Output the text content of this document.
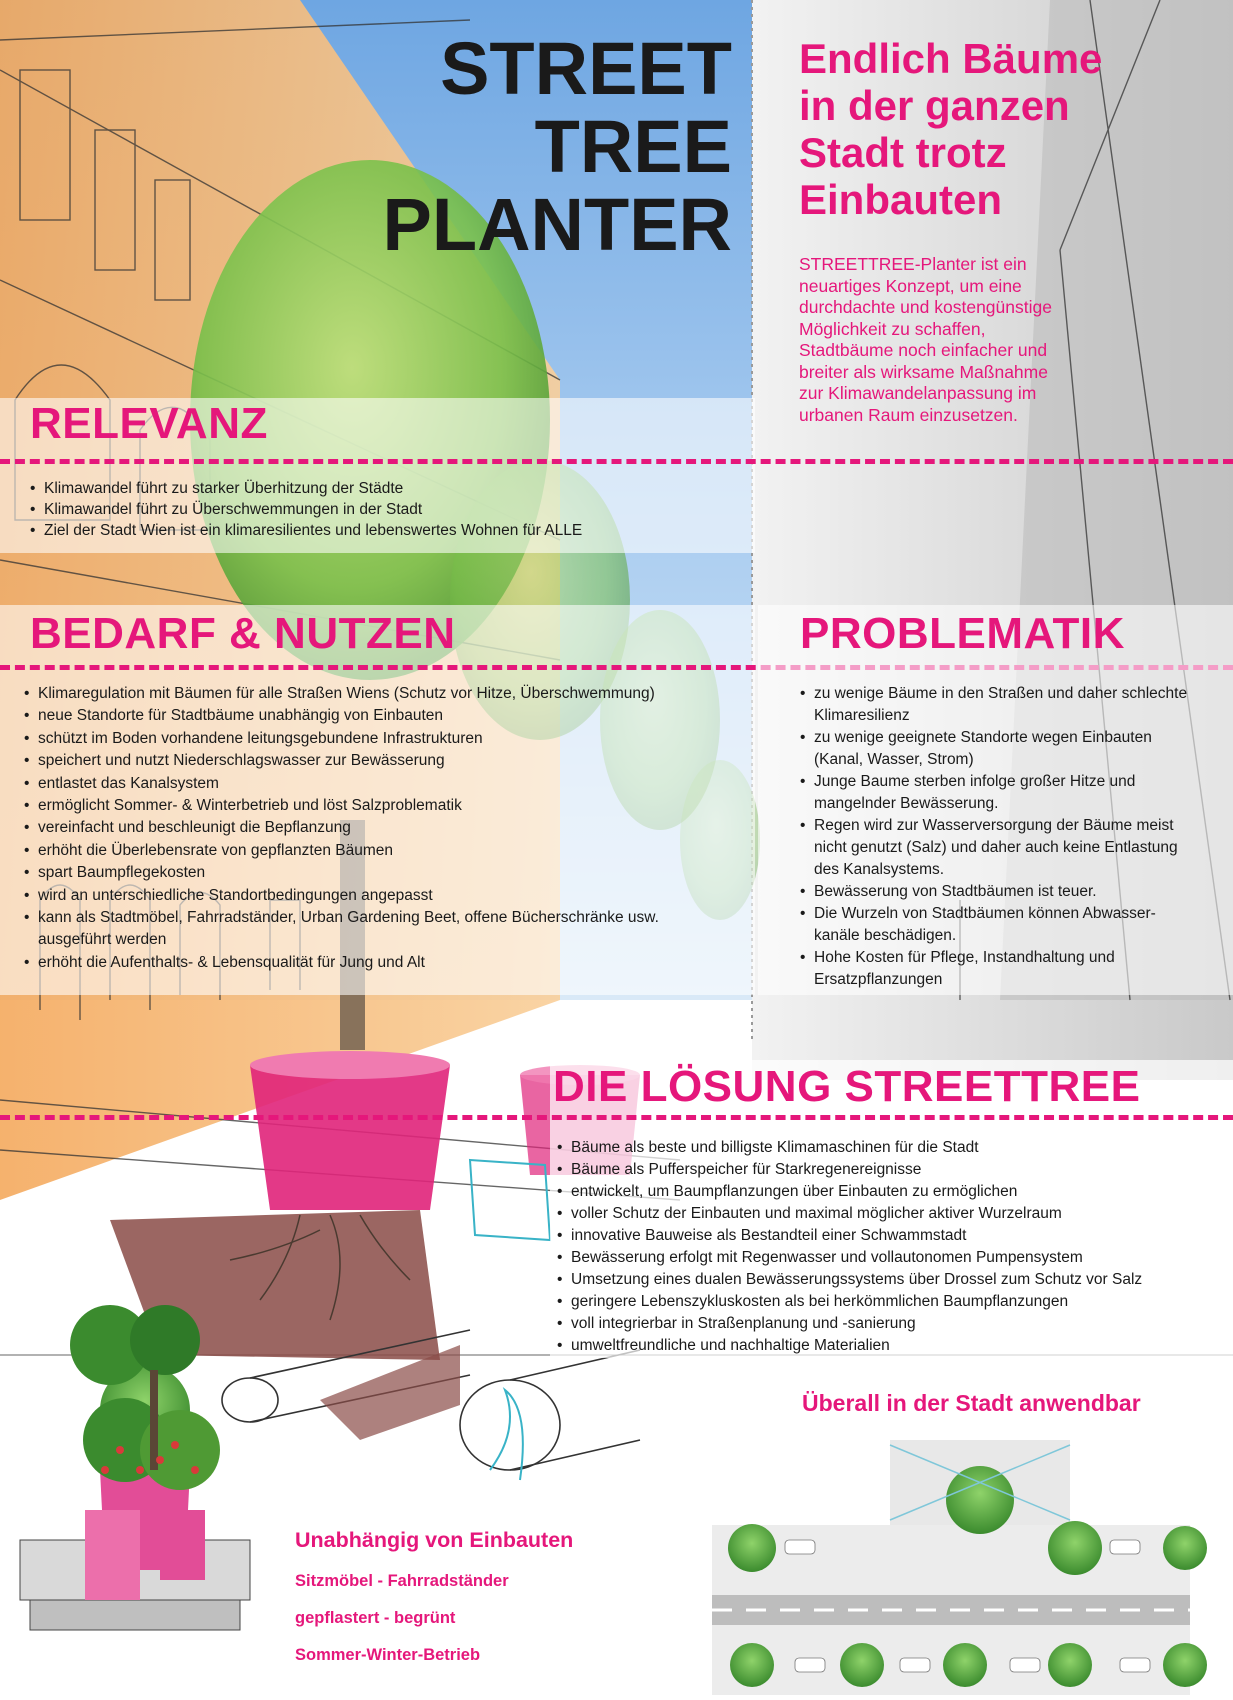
STREET
TREE
PLANTER
Endlich Bäume
in der ganzen
Stadt trotz
Einbauten
STREETTREE-Planter ist ein
neuartiges Konzept, um eine
durchdachte und kostengünstige
Möglichkeit zu schaffen,
Stadtbäume noch einfacher und
breiter als wirksame Maßnahme
zur Klimawandelanpassung im
urbanen Raum einzusetzen.
RELEVANZ
• Klimawandel führt zu starker Überhitzung der Städte
• Klimawandel führt zu Überschwemmungen in der Stadt
• Ziel der Stadt Wien ist ein klimaresilientes und lebenswertes Wohnen für ALLE
BEDARF & NUTZEN
• Klimaregulation mit Bäumen für alle Straßen Wiens (Schutz vor Hitze, Überschwemmung)
• neue Standorte für Stadtbäume unabhängig von Einbauten
• schützt im Boden vorhandene leitungsgebundene Infrastrukturen
• speichert und nutzt Niederschlagswasser zur Bewässerung
• entlastet das Kanalsystem
• ermöglicht Sommer- & Winterbetrieb und löst Salzproblematik
• vereinfacht und beschleunigt die Bepflanzung
• erhöht die Überlebensrate von gepflanzten Bäumen
• spart Baumpflegekosten
• wird an unterschiedliche Standortbedingungen angepasst
• kann als Stadtmöbel, Fahrradständer, Urban Gardening Beet, offene Bücherschränke usw. ausgeführt werden
• erhöht die Aufenthalts- & Lebensqualität für Jung und Alt
PROBLEMATIK
• zu wenige Bäume in den Straßen und daher schlechte Klimaresilienz
• zu wenige geeignete Standorte wegen Einbauten (Kanal, Wasser, Strom)
• Junge Baume sterben infolge großer Hitze und mangelnder Bewässerung.
• Regen wird zur Wasserversorgung der Bäume meist nicht genutzt (Salz) und daher auch keine Entlastung des Kanalsystems.
• Bewässerung von Stadtbäumen ist teuer.
• Die Wurzeln von Stadtbäumen können Abwasser-kanäle beschädigen.
• Hohe Kosten für Pflege, Instandhaltung und Ersatzpflanzungen
DIE LÖSUNG STREETTREE
• Bäume als beste und billigste Klimamaschinen für die Stadt
• Bäume als Pufferspeicher für Starkregenereignisse
• entwickelt, um Baumpflanzungen über Einbauten zu ermöglichen
• voller Schutz der Einbauten und maximal möglicher aktiver Wurzelraum
• innovative Bauweise als Bestandteil einer Schwammstadt
• Bewässerung erfolgt mit Regenwasser und vollautonomen Pumpensystem
• Umsetzung eines dualen Bewässerungssystems über Drossel zum Schutz vor Salz
• geringere Lebenszykluskosten als bei herkömmlichen Baumpflanzungen
• voll integrierbar in Straßenplanung und -sanierung
• umweltfreundliche und nachhaltige Materialien
Überall in der Stadt anwendbar
Unabhängig von Einbauten
Sitzmöbel - Fahrradständer
gepflastert - begrünt
Sommer-Winter-Betrieb
